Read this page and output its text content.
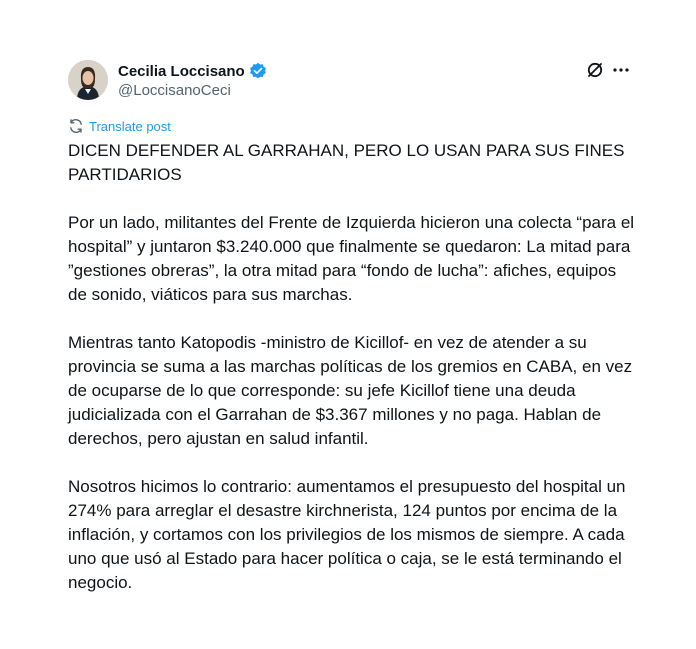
Cecilia Loccisano
@LoccisanoCeci
Translate post

DICEN DEFENDER AL GARRAHAN, PERO LO USAN PARA SUS FINES PARTIDARIOS

Por un lado, militantes del Frente de Izquierda hicieron una colecta “para el hospital” y juntaron $3.240.000 que finalmente se quedaron: La mitad para ”gestiones obreras”, la otra mitad para “fondo de lucha”: afiches, equipos de sonido, viáticos para sus marchas.

Mientras tanto Katopodis -ministro de Kicillof- en vez de atender a su provincia se suma a las marchas políticas de los gremios en CABA, en vez de ocuparse de lo que corresponde: su jefe Kicillof tiene una deuda judicializada con el Garrahan de $3.367 millones y no paga. Hablan de derechos, pero ajustan en salud infantil.

Nosotros hicimos lo contrario: aumentamos el presupuesto del hospital un 274% para arreglar el desastre kirchnerista, 124 puntos por encima de la inflación, y cortamos con los privilegios de los mismos de siempre. A cada uno que usó al Estado para hacer política o caja, se le está terminando el negocio.
